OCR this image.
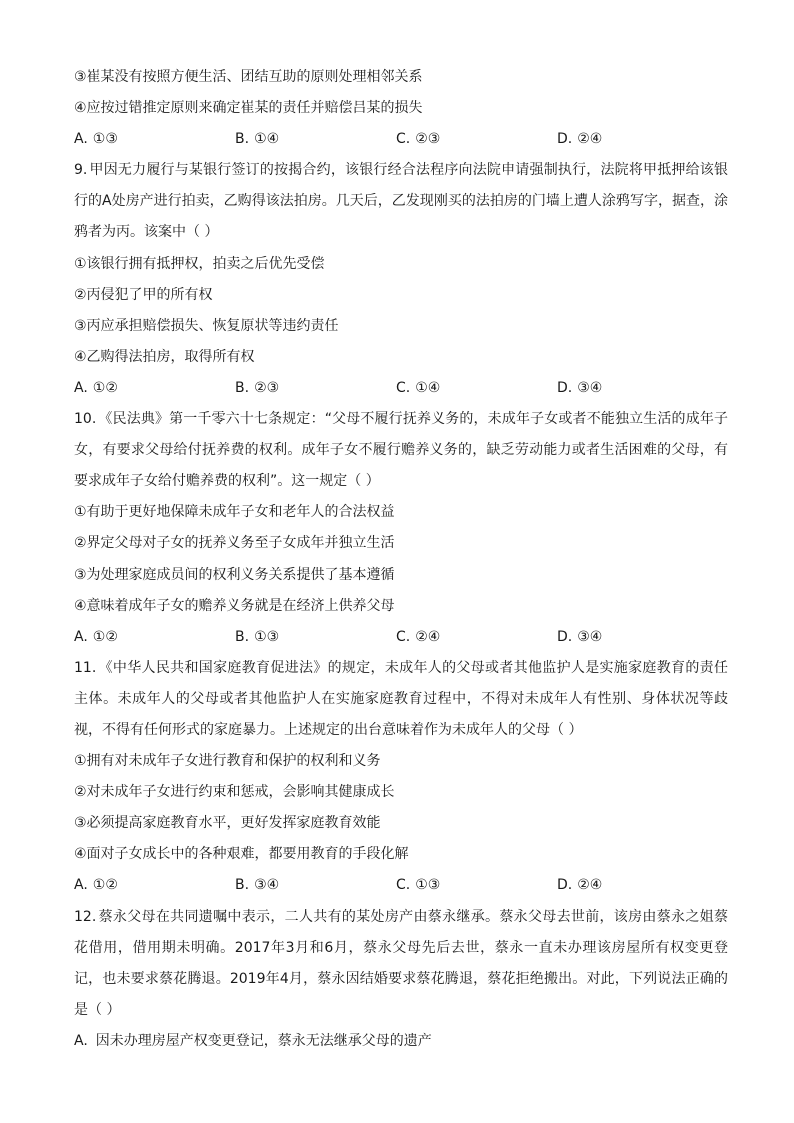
③崔某没有按照方便生活、团结互助的原则处理相邻关系
④应按过错推定原则来确定崔某的责任并赔偿吕某的损失
A. ①③	B. ①④	C. ②③	D. ②④
9. 甲因无力履行与某银行签订的按揭合约，该银行经合法程序向法院申请强制执行，法院将甲抵押给该银行的A处房产进行拍卖，乙购得该法拍房。几天后，乙发现刚买的法拍房的门墙上遭人涂鸦写字，据查，涂鸦者为丙。该案中（ ）
①该银行拥有抵押权，拍卖之后优先受偿
②丙侵犯了甲的所有权
③丙应承担赔偿损失、恢复原状等违约责任
④乙购得法拍房，取得所有权
A. ①②	B. ②③	C. ①④	D. ③④
10. 《民法典》第一千零六十七条规定：“父母不履行抚养义务的，未成年子女或者不能独立生活的成年子女，有要求父母给付抚养费的权利。成年子女不履行赡养义务的，缺乏劳动能力或者生活困难的父母，有要求成年子女给付赡养费的权利”。这一规定（ ）
①有助于更好地保障未成年子女和老年人的合法权益
②界定父母对子女的抚养义务至子女成年并独立生活
③为处理家庭成员间的权利义务关系提供了基本遵循
④意味着成年子女的赡养义务就是在经济上供养父母
A. ①②	B. ①③	C. ②④	D. ③④
11. 《中华人民共和国家庭教育促进法》的规定，未成年人的父母或者其他监护人是实施家庭教育的责任主体。未成年人的父母或者其他监护人在实施家庭教育过程中，不得对未成年人有性别、身体状况等歧视，不得有任何形式的家庭暴力。上述规定的出台意味着作为未成年人的父母（ ）
①拥有对未成年子女进行教育和保护的权利和义务
②对未成年子女进行约束和惩戒，会影响其健康成长
③必须提高家庭教育水平，更好发挥家庭教育效能
④面对子女成长中的各种艰难，都要用教育的手段化解
A. ①②	B. ③④	C. ①③	D. ②④
12. 蔡永父母在共同遗嘱中表示，二人共有的某处房产由蔡永继承。蔡永父母去世前，该房由蔡永之姐蔡花借用，借用期未明确。2017年3月和6月，蔡永父母先后去世，蔡永一直未办理该房屋所有权变更登记，也未要求蔡花腾退。2019年4月，蔡永因结婚要求蔡花腾退，蔡花拒绝搬出。对此，下列说法正确的是（ ）
A. 因未办理房屋产权变更登记，蔡永无法继承父母的遗产
